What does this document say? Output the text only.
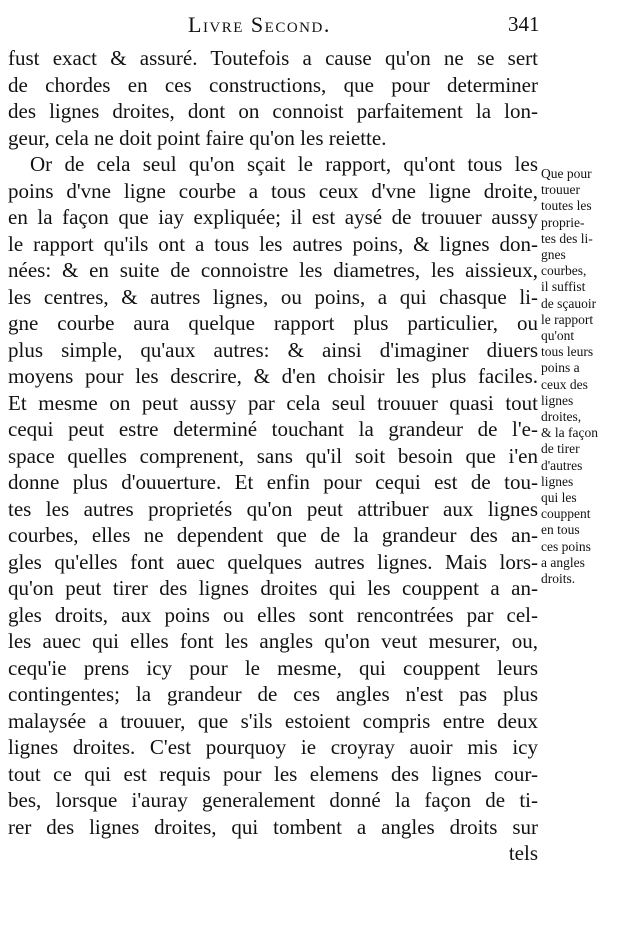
Livre Second.	341
fust exact & assuré. Toutefois a cause qu'on ne se sert
de chordes en ces constructions, que pour determiner
des lignes droites, dont on connoist parfaitement la lon-
geur, cela ne doit point faire qu'on les reiette.
Or de cela seul qu'on sçait le rapport, qu'ont tous les
poins d'vne ligne courbe a tous ceux d'vne ligne droite,
en la façon que iay expliquée; il est aysé de trouuer aussy
le rapport qu'ils ont a tous les autres poins, & lignes don-
nées: & en suite de connoistre les diametres, les aissieux,
les centres, & autres lignes, ou poins, a qui chasque li-
gne courbe aura quelque rapport plus particulier, ou
plus simple, qu'aux autres: & ainsi d'imaginer diuers
moyens pour les descrire, & d'en choisir les plus faciles.
Et mesme on peut aussy par cela seul trouuer quasi tout
cequi peut estre determiné touchant la grandeur de l'e-
space quelles comprenent, sans qu'il soit besoin que i'en
donne plus d'ouuerture. Et enfin pour cequi est de tou-
tes les autres proprietés qu'on peut attribuer aux lignes
courbes, elles ne dependent que de la grandeur des an-
gles qu'elles font auec quelques autres lignes. Mais lors-
qu'on peut tirer des lignes droites qui les couppent a an-
gles droits, aux poins ou elles sont rencontrées par cel-
les auec qui elles font les angles qu'on veut mesurer, ou,
cequ'ie prens icy pour le mesme, qui couppent leurs
contingentes; la grandeur de ces angles n'est pas plus
malaysée a trouuer, que s'ils estoient compris entre deux
lignes droites. C'est pourquoy ie croyray auoir mis icy
tout ce qui est requis pour les elemens des lignes cour-
bes, lorsque i'auray generalement donné la façon de ti-
rer des lignes droites, qui tombent a angles droits sur
tels
Que pour
trouuer
toutes les
proprie-
tes des li-
gnes
courbes,
il suffist
de sçauoir
le rapport
qu'ont
tous leurs
poins a
ceux des
lignes
droites,
& la façon
de tirer
d'autres
lignes
qui les
couppent
en tous
ces poins
a angles
droits.
